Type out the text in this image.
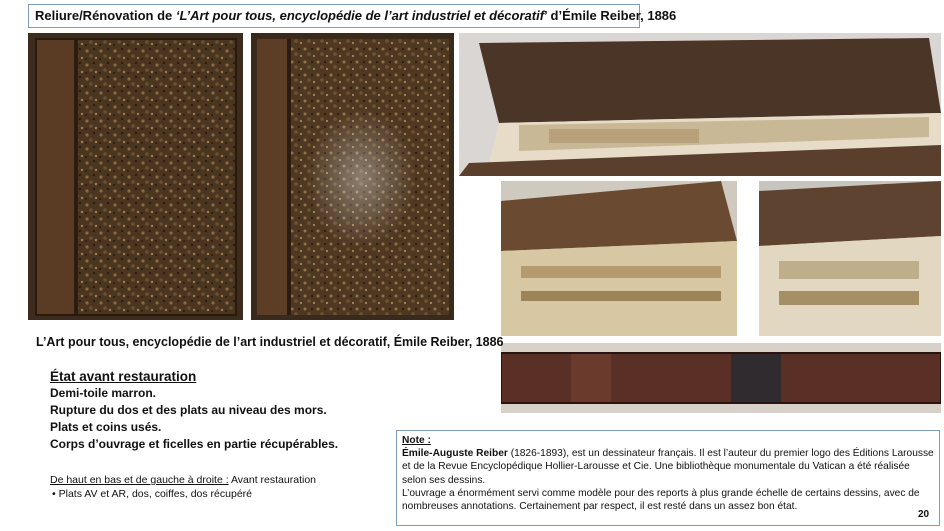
Reliure/Rénovation de ‘L’Art pour tous, encyclopédie de l’art industriel et décoratif’ d’Émile Reiber, 1886
L’Art pour tous, encyclopédie de l’art industriel et décoratif, Émile Reiber, 1886
État avant restauration
Demi-toile marron.
Rupture du dos et des plats au niveau des mors.
Plats et coins usés.
Corps d’ouvrage et ficelles en partie récupérables.
De haut en bas et de gauche à droite : Avant restauration
• Plats AV et AR, dos, coiffes, dos récupéré
Note :
Émile-Auguste Reiber (1826-1893), est un dessinateur français. Il est l’auteur du premier logo des Éditions Larousse et de la Revue Encyclopédique Hollier-Larousse et Cie. Une bibliothèque monumentale du Vatican a été réalisée selon ses dessins.
L’ouvrage a énormément servi comme modèle pour des reports à plus grande échelle de certains dessins, avec de nombreuses annotations. Certainement par respect, il est resté dans un assez bon état.
20
